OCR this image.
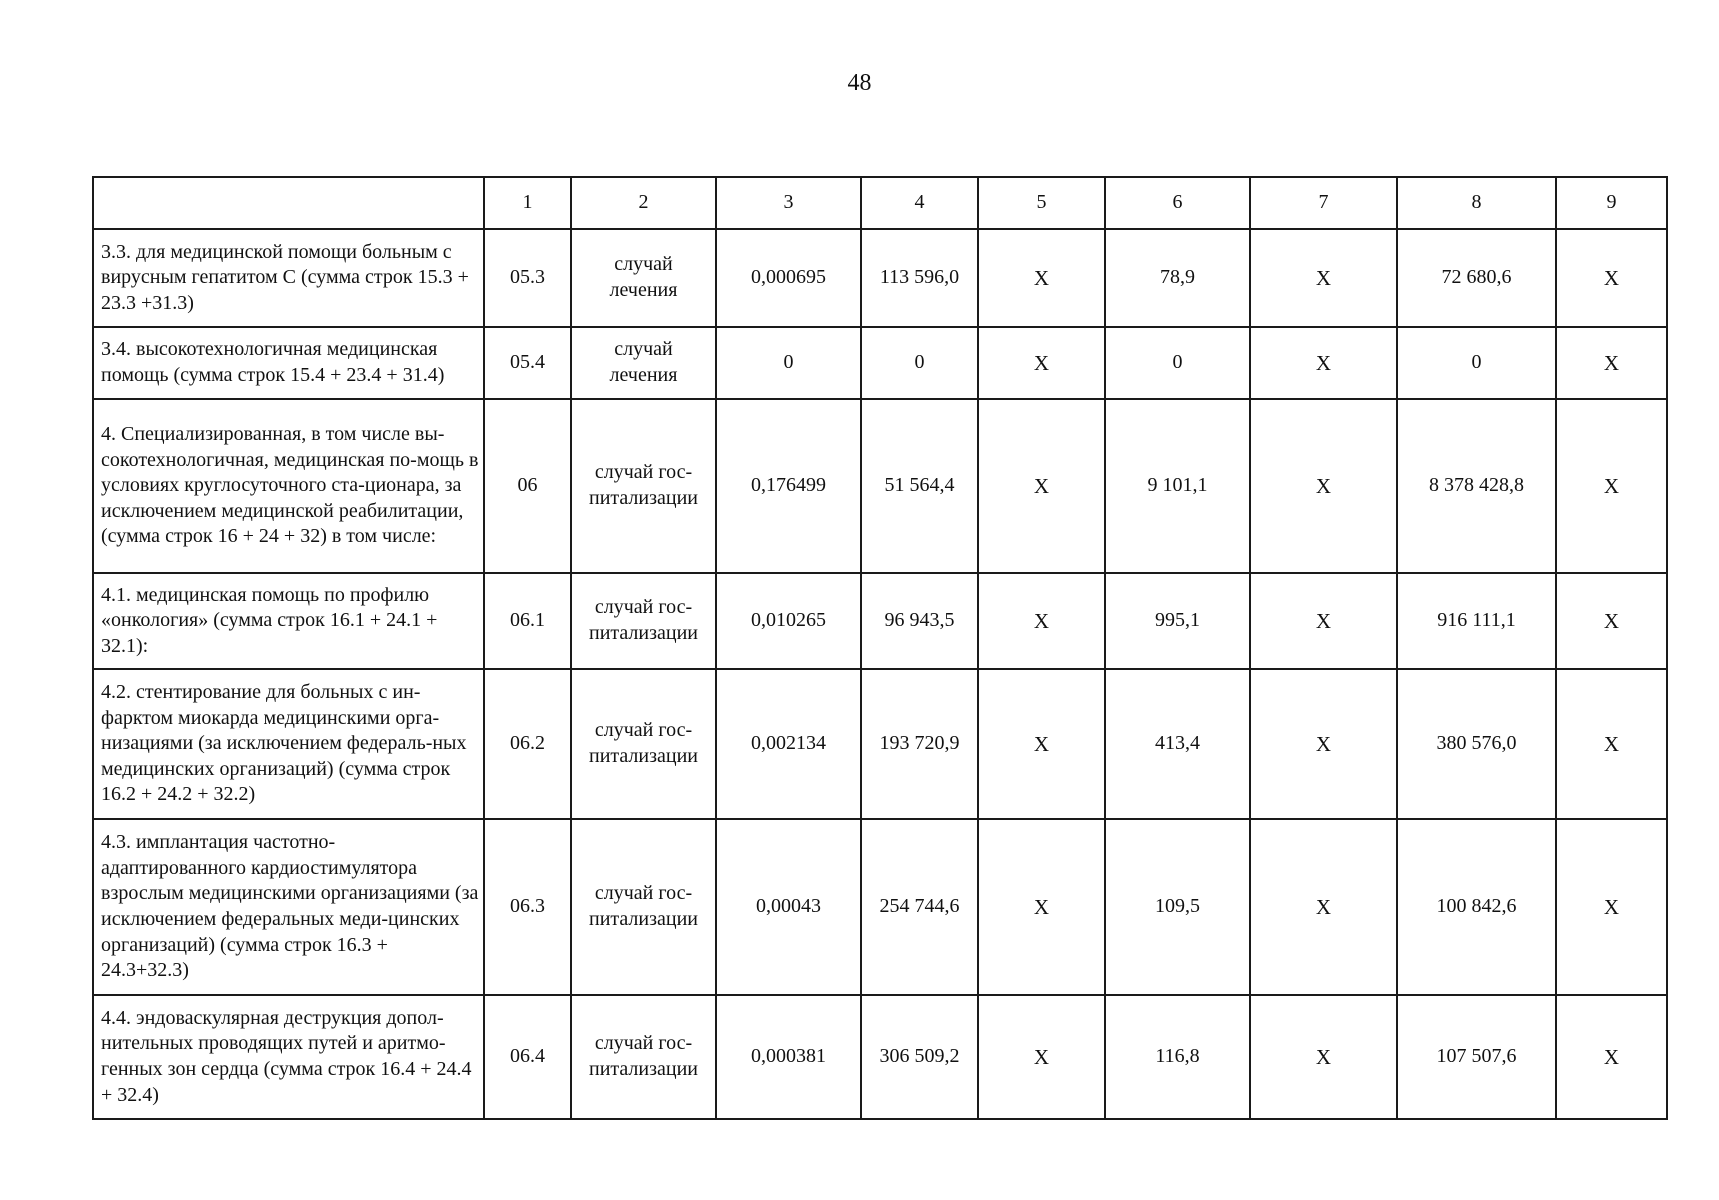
48
	1	2	3	4	5	6	7	8	9
3.3. для медицинской помощи больным с вирусным гепатитом С (сумма строк 15.3 + 23.3 +31.3)	05.3	случай лечения	0,000695	113 596,0	X	78,9	X	72 680,6	X
3.4. высокотехнологичная медицинская помощь (сумма строк 15.4 + 23.4 + 31.4)	05.4	случай лечения	0	0	X	0	X	0	X
4. Специализированная, в том числе вы-сокотехнологичная, медицинская по-мощь в условиях круглосуточного ста-ционара, за исключением медицинской реабилитации, (сумма строк 16 + 24 + 32) в том числе:	06	случай гос-питализации	0,176499	51 564,4	X	9 101,1	X	8 378 428,8	X
4.1. медицинская помощь по профилю «онкология» (сумма строк 16.1 + 24.1 + 32.1):	06.1	случай гос-питализации	0,010265	96 943,5	X	995,1	X	916 111,1	X
4.2. стентирование для больных с ин-фарктом миокарда медицинскими орга-низациями (за исключением федераль-ных медицинских организаций) (сумма строк 16.2 + 24.2 + 32.2)	06.2	случай гос-питализации	0,002134	193 720,9	X	413,4	X	380 576,0	X
4.3. имплантация частотно-адаптированного кардиостимулятора взрослым медицинскими организациями (за исключением федеральных меди-цинских организаций) (сумма строк 16.3 + 24.3+32.3)	06.3	случай гос-питализации	0,00043	254 744,6	X	109,5	X	100 842,6	X
4.4. эндоваскулярная деструкция допол-нительных проводящих путей и аритмо-генных зон сердца (сумма строк 16.4 + 24.4 + 32.4)	06.4	случай гос-питализации	0,000381	306 509,2	X	116,8	X	107 507,6	X
